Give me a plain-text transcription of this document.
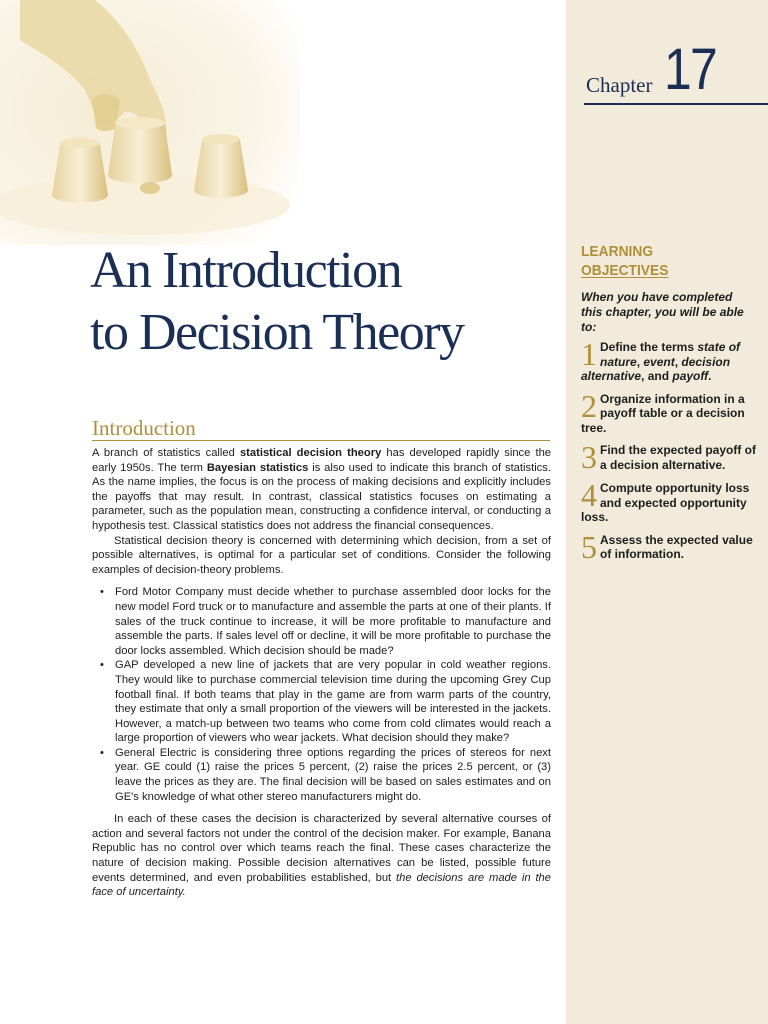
Chapter 17
LEARNING
OBJECTIVES
When you have completed this chapter, you will be able to:
1 Define the terms state of nature, event, decision alternative, and payoff.
2 Organize information in a payoff table or a decision tree.
3 Find the expected payoff of a decision alternative.
4 Compute opportunity loss and expected opportunity loss.
5 Assess the expected value of information.
An Introduction
to Decision Theory
Introduction

A branch of statistics called statistical decision theory has developed rapidly since the early 1950s. The term Bayesian statistics is also used to indicate this branch of statistics. As the name implies, the focus is on the process of making decisions and explicitly includes the payoffs that may result. In contrast, classical statistics focuses on estimating a parameter, such as the population mean, constructing a confidence interval, or conducting a hypothesis test. Classical statistics does not address the financial consequences.

Statistical decision theory is concerned with determining which decision, from a set of possible alternatives, is optimal for a particular set of conditions. Consider the following examples of decision-theory problems.

• Ford Motor Company must decide whether to purchase assembled door locks for the new model Ford truck or to manufacture and assemble the parts at one of their plants. If sales of the truck continue to increase, it will be more profitable to manufacture and assemble the parts. If sales level off or decline, it will be more profitable to purchase the door locks assembled. Which decision should be made?
• GAP developed a new line of jackets that are very popular in cold weather regions. They would like to purchase commercial television time during the upcoming Grey Cup football final. If both teams that play in the game are from warm parts of the country, they estimate that only a small proportion of the viewers will be interested in the jackets. However, a match-up between two teams who come from cold climates would reach a large proportion of viewers who wear jackets. What decision should they make?
• General Electric is considering three options regarding the prices of stereos for next year. GE could (1) raise the prices 5 percent, (2) raise the prices 2.5 percent, or (3) leave the prices as they are. The final decision will be based on sales estimates and on GE's knowledge of what other stereo manufacturers might do.

In each of these cases the decision is characterized by several alternative courses of action and several factors not under the control of the decision maker. For example, Banana Republic has no control over which teams reach the final. These cases characterize the nature of decision making. Possible decision alternatives can be listed, possible future events determined, and even probabilities established, but the decisions are made in the face of uncertainty.
